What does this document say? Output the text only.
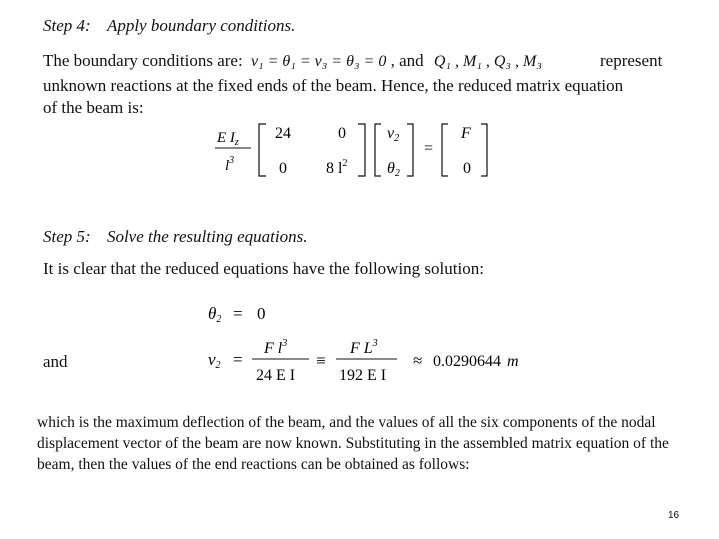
Step 4: Apply boundary conditions.
The boundary conditions are: v₁ = θ₁ = v₃ = θ₃ = 0 , and Q₁ , M₁ , Q₃ , M₃	represent
unknown reactions at the fixed ends of the beam. Hence, the reduced matrix equation
of the beam is:
E $I_z$
$l^3$
24	0
0 8 $l^2$
v2
θ2
=
F
0
Step 5: Solve the resulting equations.
It is clear that the reduced equations have the following solution:
θ2 = 0
and	v2 =
F $l^3$
24 E I
≡
F $L^3$
192 E I
≈ 0.0290644 m
which is the maximum deflection of the beam, and the values of all the six components of the nodal displacement vector of the beam are now known. Substituting in the assembled matrix equation of the beam, then the values of the end reactions can be obtained as follows:
16
